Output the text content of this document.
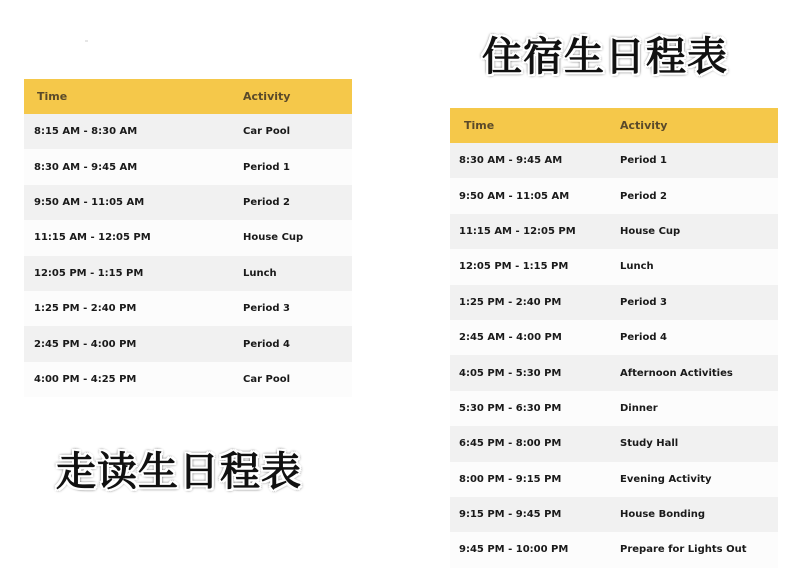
住宿生日程表
Time	Activity
8:15 AM - 8:30 AM	Car Pool
8:30 AM - 9:45 AM	Period 1
9:50 AM - 11:05 AM	Period 2
11:15 AM - 12:05 PM	House Cup
12:05 PM - 1:15 PM	Lunch
1:25 PM - 2:40 PM	Period 3
2:45 PM - 4:00 PM	Period 4
4:00 PM - 4:25 PM	Car Pool
Time	Activity
8:30 AM - 9:45 AM	Period 1
9:50 AM - 11:05 AM	Period 2
11:15 AM - 12:05 PM	House Cup
12:05 PM - 1:15 PM	Lunch
1:25 PM - 2:40 PM	Period 3
2:45 AM - 4:00 PM	Period 4
4:05 PM - 5:30 PM	Afternoon Activities
5:30 PM - 6:30 PM	Dinner
6:45 PM - 8:00 PM	Study Hall
8:00 PM - 9:15 PM	Evening Activity
9:15 PM - 9:45 PM	House Bonding
9:45 PM - 10:00 PM	Prepare for Lights Out
走读生日程表
